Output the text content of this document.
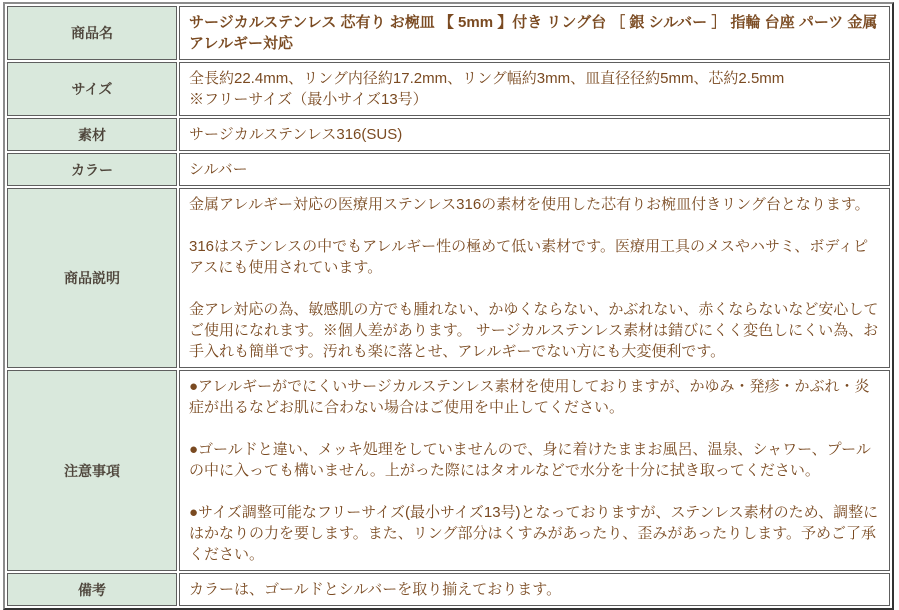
商品名	サージカルステンレス 芯有り お椀皿 【 5mm 】付き リング台 ［ 銀 シルバー ］ 指輪 台座 パーツ 金属アレルギー対応

サイズ	全長約22.4mm、リング内径約17.2mm、リング幅約3mm、皿直径径約5mm、芯約2.5mm

※フリーサイズ（最小サイズ13号）

素材	サージカルステンレス316(SUS)

カラー	シルバー

商品説明	金属アレルギー対応の医療用ステンレス316の素材を使用した芯有りお椀皿付きリング台となります。

316はステンレスの中でもアレルギー性の極めて低い素材です。医療用工具のメスやハサミ、ボディピアスにも使用されています。

金アレ対応の為、敏感肌の方でも腫れない、かゆくならない、かぶれない、赤くならないなど安心してご使用になれます。※個人差があります。 サージカルステンレス素材は錆びにくく変色しにくい為、お手入れも簡単です。汚れも楽に落とせ、アレルギーでない方にも大変便利です。

注意事項	●アレルギーがでにくいサージカルステンレス素材を使用しておりますが、かゆみ・発疹・かぶれ・炎症が出るなどお肌に合わない場合はご使用を中止してください。

●ゴールドと違い、メッキ処理をしていませんので、身に着けたままお風呂、温泉、シャワー、プールの中に入っても構いません。上がった際にはタオルなどで水分を十分に拭き取ってください。

●サイズ調整可能なフリーサイズ(最小サイズ13号)となっておりますが、ステンレス素材のため、調整にはかなりの力を要します。また、リング部分はくすみがあったり、歪みがあったりします。予めご了承ください。

備考	カラーは、ゴールドとシルバーを取り揃えております。
